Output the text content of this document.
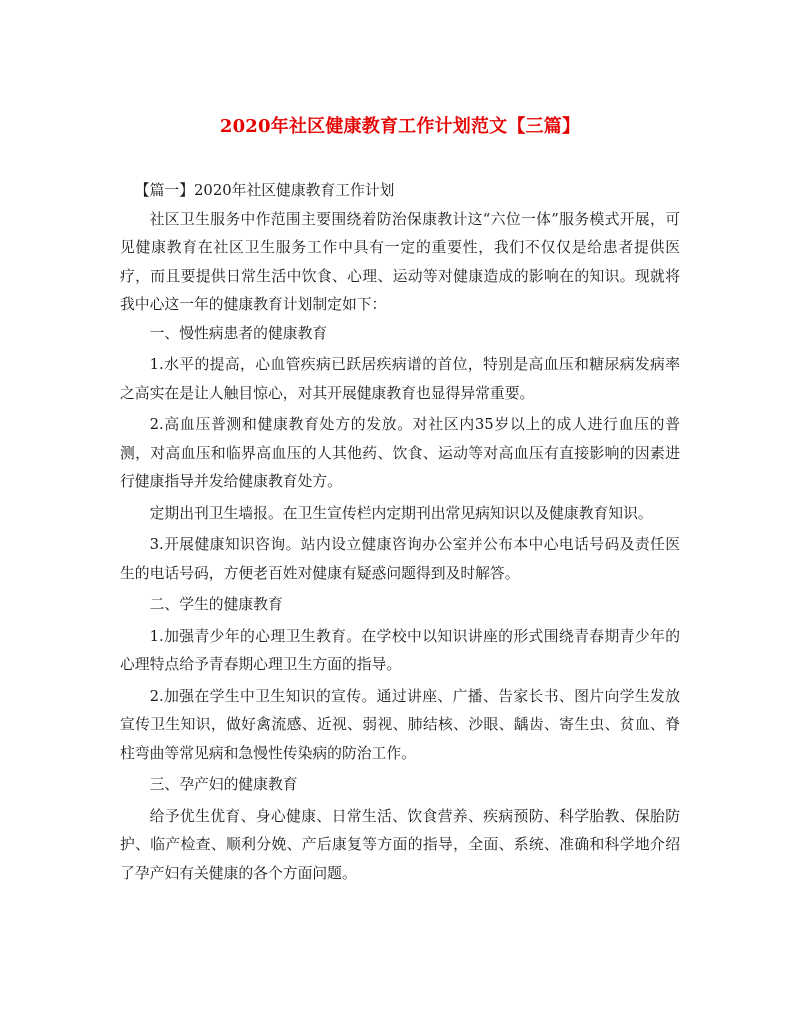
2020年社区健康教育工作计划范文【三篇】

【篇一】2020年社区健康教育工作计划

社区卫生服务中作范围主要围绕着防治保康教计这“六位一体”服务模式开展，可见健康教育在社区卫生服务工作中具有一定的重要性，我们不仅仅是给患者提供医疗，而且要提供日常生活中饮食、心理、运动等对健康造成的影响在的知识。现就将我中心这一年的健康教育计划制定如下：

一、慢性病患者的健康教育

1.水平的提高，心血管疾病已跃居疾病谱的首位，特别是高血压和糖尿病发病率之高实在是让人触目惊心，对其开展健康教育也显得异常重要。

2.高血压普测和健康教育处方的发放。对社区内35岁以上的成人进行血压的普测，对高血压和临界高血压的人其他药、饮食、运动等对高血压有直接影响的因素进行健康指导并发给健康教育处方。

定期出刊卫生墙报。在卫生宣传栏内定期刊出常见病知识以及健康教育知识。

3.开展健康知识咨询。站内设立健康咨询办公室并公布本中心电话号码及责任医生的电话号码，方便老百姓对健康有疑惑问题得到及时解答。

二、学生的健康教育

1.加强青少年的心理卫生教育。在学校中以知识讲座的形式围绕青春期青少年的心理特点给予青春期心理卫生方面的指导。

2.加强在学生中卫生知识的宣传。通过讲座、广播、告家长书、图片向学生发放宣传卫生知识，做好禽流感、近视、弱视、肺结核、沙眼、龋齿、寄生虫、贫血、脊柱弯曲等常见病和急慢性传染病的防治工作。

三、孕产妇的健康教育

给予优生优育、身心健康、日常生活、饮食营养、疾病预防、科学胎教、保胎防护、临产检查、顺利分娩、产后康复等方面的指导，全面、系统、准确和科学地介绍了孕产妇有关健康的各个方面问题。
